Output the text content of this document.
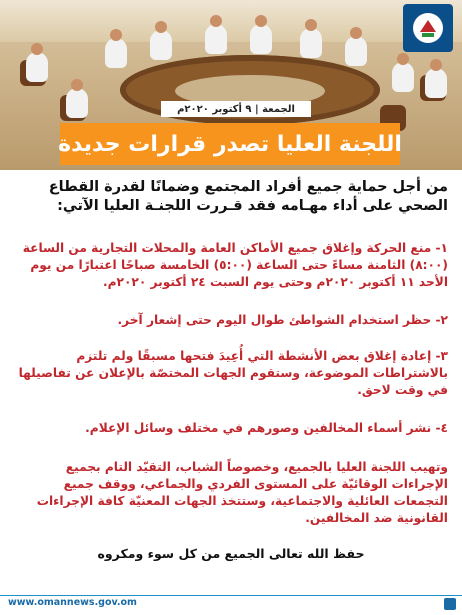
الجمعة | ٩ أكتوبر ٢٠٢٠م
اللجنة العليا تصدر قرارات جديدة
من أجل حماية جميع أفراد المجتمع وضمانًا لقدرة القطاع الصحي على أداء مهـامه فقد قـررت اللجنـة العليا الآتي:
١- منع الحركة وإغلاق جميع الأماكن العامة والمحلات التجارية من الساعة (٨:٠٠) الثامنة مساءً حتى الساعة (٥:٠٠) الخامسة صباحًا اعتبارًا من يوم الأحد ١١ أكتوبر ٢٠٢٠م وحتى يوم السبت ٢٤ أكتوبر ٢٠٢٠م.
٢- حظر استخدام الشواطئ طوال اليوم حتى إشعار آخر.
٣- إعادة إغلاق بعض الأنشطة التي أُعِيدَ فتحها مسبقًا ولم تلتزم بالاشتراطات الموضوعة، وستقوم الجهات المختصّة بالإعلان عن تفاصيلها في وقت لاحق.
٤- نشر أسماء المخالفين وصورهم في مختلف وسائل الإعلام.
وتهيب اللجنة العليا بالجميع، وخصوصاً الشباب، التقيّد التام بجميع الإجراءات الوقائيّة على المستوى الفردي والجماعي، ووقف جميع التجمعات العائلية والاجتماعية، وستتخذ الجهات المعنيّة كافة الإجراءات القانونية ضد المخالفين.
حفظ الله تعالى الجميع من كل سوء ومكروه
www.omannews.gov.om
